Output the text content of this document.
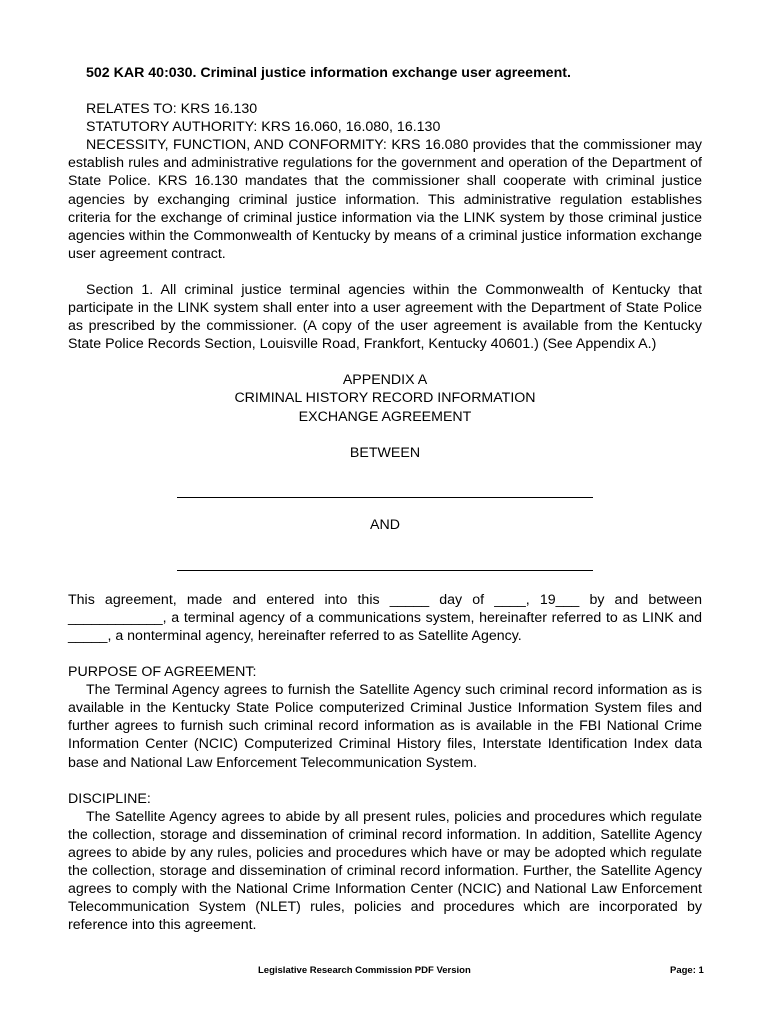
502 KAR 40:030. Criminal justice information exchange user agreement.
RELATES TO: KRS 16.130
STATUTORY AUTHORITY: KRS 16.060, 16.080, 16.130
NECESSITY, FUNCTION, AND CONFORMITY: KRS 16.080 provides that the commissioner may establish rules and administrative regulations for the government and operation of the Department of State Police. KRS 16.130 mandates that the commissioner shall cooperate with criminal justice agencies by exchanging criminal justice information. This administrative regulation establishes criteria for the exchange of criminal justice information via the LINK system by those criminal justice agencies within the Commonwealth of Kentucky by means of a criminal justice information exchange user agreement contract.
Section 1. All criminal justice terminal agencies within the Commonwealth of Kentucky that participate in the LINK system shall enter into a user agreement with the Department of State Police as prescribed by the commissioner. (A copy of the user agreement is available from the Kentucky State Police Records Section, Louisville Road, Frankfort, Kentucky 40601.) (See Appendix A.)
APPENDIX A
CRIMINAL HISTORY RECORD INFORMATION
EXCHANGE AGREEMENT
BETWEEN
AND
This agreement, made and entered into this _____ day of ____, 19___ by and between ____________, a terminal agency of a communications system, hereinafter referred to as LINK and _____, a nonterminal agency, hereinafter referred to as Satellite Agency.
PURPOSE OF AGREEMENT:
The Terminal Agency agrees to furnish the Satellite Agency such criminal record information as is available in the Kentucky State Police computerized Criminal Justice Information System files and further agrees to furnish such criminal record information as is available in the FBI National Crime Information Center (NCIC) Computerized Criminal History files, Interstate Identification Index data base and National Law Enforcement Telecommunication System.
DISCIPLINE:
The Satellite Agency agrees to abide by all present rules, policies and procedures which regulate the collection, storage and dissemination of criminal record information. In addition, Satellite Agency agrees to abide by any rules, policies and procedures which have or may be adopted which regulate the collection, storage and dissemination of criminal record information. Further, the Satellite Agency agrees to comply with the National Crime Information Center (NCIC) and National Law Enforcement Telecommunication System (NLET) rules, policies and procedures which are incorporated by reference into this agreement.
Legislative Research Commission PDF Version	Page: 1
